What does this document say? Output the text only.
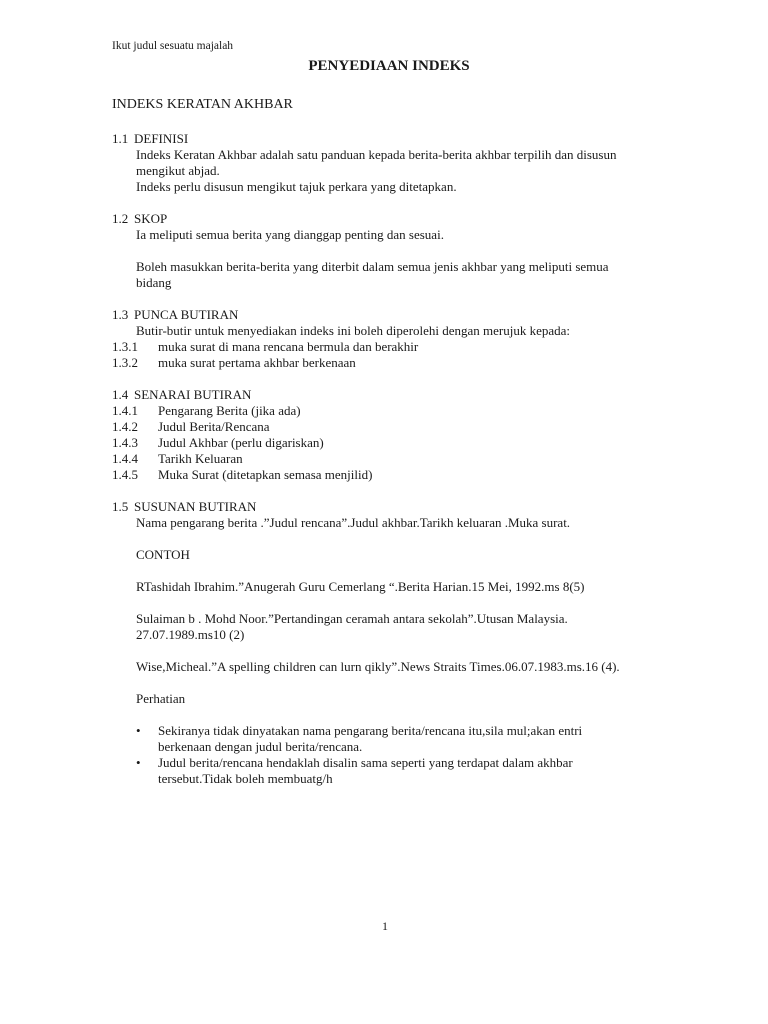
Ikut judul sesuatu majalah
PENYEDIAAN INDEKS
INDEKS KERATAN AKHBAR
1.1 DEFINISI
Indeks Keratan Akhbar adalah satu panduan kepada berita-berita akhbar terpilih dan disusun
mengikut abjad.
Indeks perlu disusun mengikut tajuk perkara yang ditetapkan.
1.2 SKOP
Ia meliputi semua berita yang dianggap penting dan sesuai.
Boleh masukkan berita-berita yang diterbit dalam semua jenis akhbar yang meliputi semua
bidang
1.3 PUNCA BUTIRAN
Butir-butir untuk menyediakan indeks ini boleh diperolehi dengan merujuk kepada:
1.3.1	muka surat di mana rencana bermula dan berakhir
1.3.2	muka surat pertama akhbar berkenaan
1.4 SENARAI BUTIRAN
1.4.1	Pengarang Berita (jika ada)
1.4.2	Judul Berita/Rencana
1.4.3	Judul Akhbar (perlu digariskan)
1.4.4	Tarikh Keluaran
1.4.5	Muka Surat (ditetapkan semasa menjilid)
1.5 SUSUNAN BUTIRAN
Nama pengarang berita .”Judul rencana”.Judul akhbar.Tarikh keluaran .Muka surat.
CONTOH
RTashidah Ibrahim.”Anugerah Guru Cemerlang “.Berita Harian.15 Mei, 1992.ms 8(5)
Sulaiman b . Mohd Noor.”Pertandingan ceramah antara sekolah”.Utusan Malaysia.
27.07.1989.ms10 (2)
Wise,Micheal.”A spelling children can lurn qikly”.News Straits Times.06.07.1983.ms.16 (4).
Perhatian
•	Sekiranya tidak dinyatakan nama pengarang berita/rencana itu,sila mul;akan entri
berkenaan dengan judul berita/rencana.
•	Judul berita/rencana hendaklah disalin sama seperti yang terdapat dalam akhbar
tersebut.Tidak boleh membuatg/h
1
